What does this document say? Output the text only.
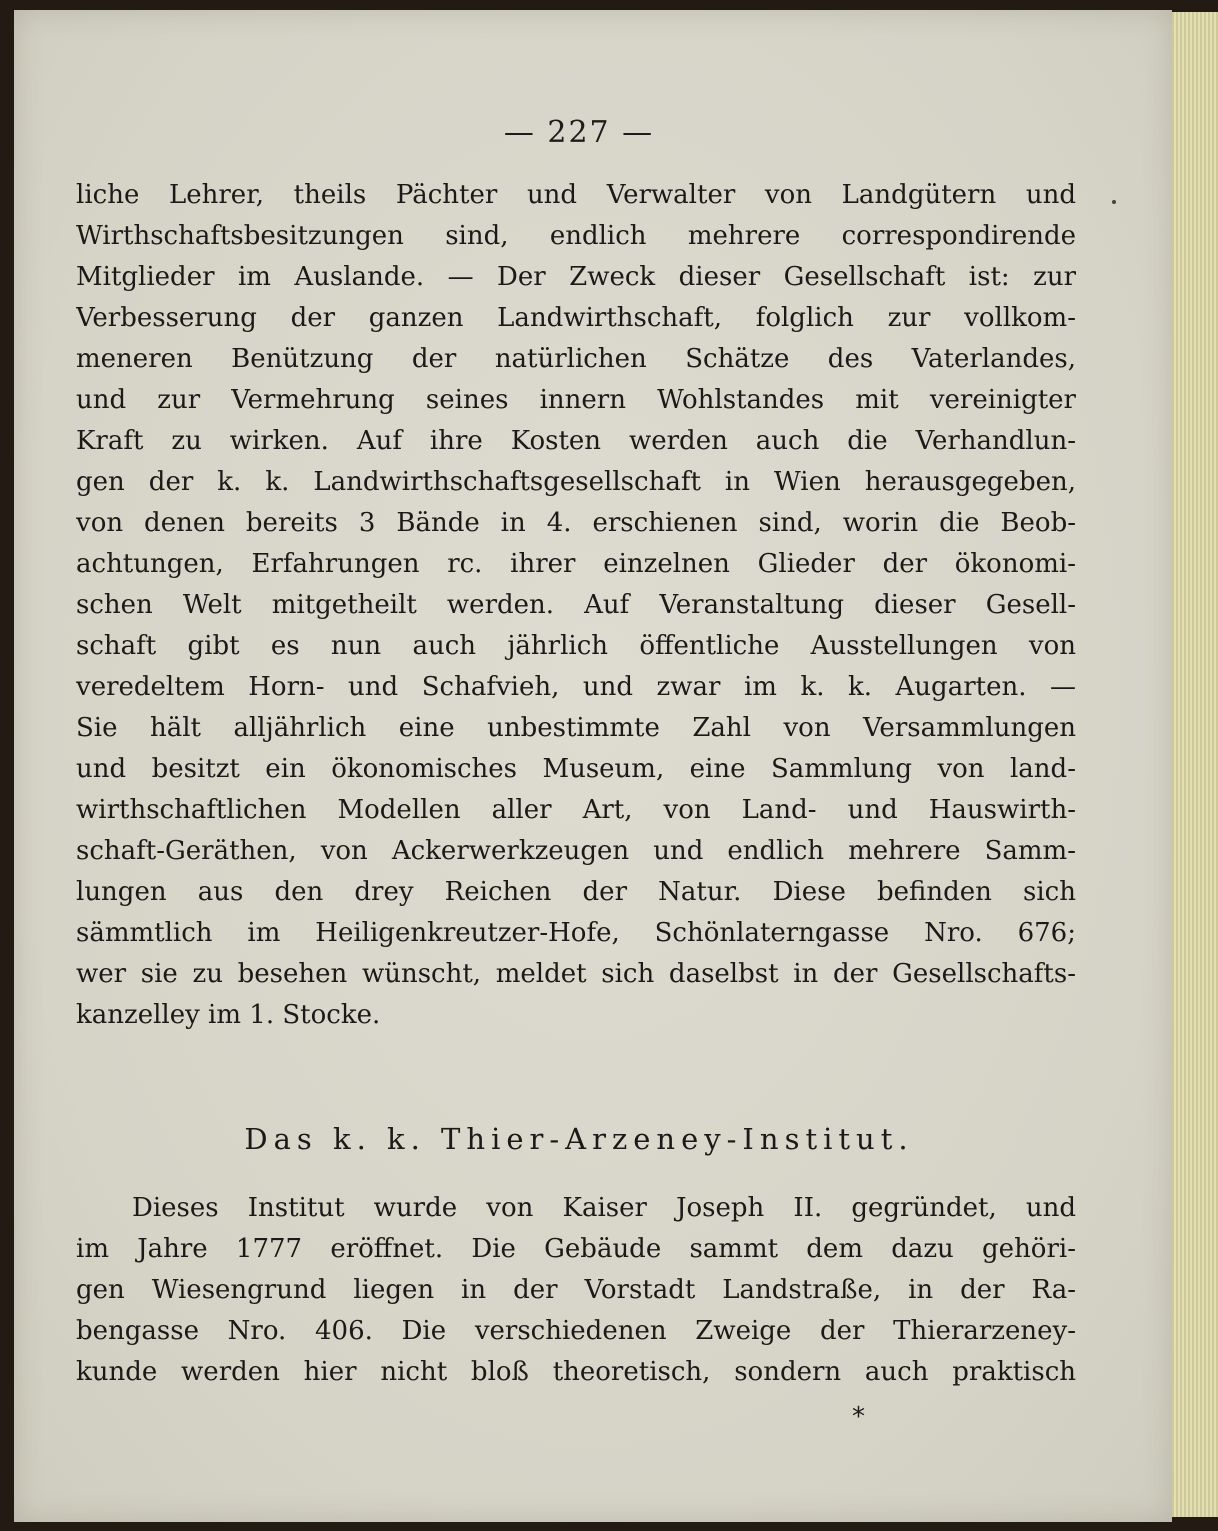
— 227 —
liche Lehrer, theils Pächter und Verwalter von Landgütern und
Wirthschaftsbesitzungen sind, endlich mehrere correspondirende
Mitglieder im Auslande. — Der Zweck dieser Gesellschaft ist: zur
Verbesserung der ganzen Landwirthschaft, folglich zur vollkom-
meneren Benützung der natürlichen Schätze des Vaterlandes,
und zur Vermehrung seines innern Wohlstandes mit vereinigter
Kraft zu wirken. Auf ihre Kosten werden auch die Verhandlun-
gen der k. k. Landwirthschaftsgesellschaft in Wien herausgegeben,
von denen bereits 3 Bände in 4. erschienen sind, worin die Beob-
achtungen, Erfahrungen rc. ihrer einzelnen Glieder der ökonomi-
schen Welt mitgetheilt werden. Auf Veranstaltung dieser Gesell-
schaft gibt es nun auch jährlich öffentliche Ausstellungen von
veredeltem Horn- und Schafvieh, und zwar im k. k. Augarten. —
Sie hält alljährlich eine unbestimmte Zahl von Versammlungen
und besitzt ein ökonomisches Museum, eine Sammlung von land-
wirthschaftlichen Modellen aller Art, von Land- und Hauswirth-
schaft-Geräthen, von Ackerwerkzeugen und endlich mehrere Samm-
lungen aus den drey Reichen der Natur. Diese befinden sich
sämmtlich im Heiligenkreutzer-Hofe, Schönlaterngasse Nro. 676;
wer sie zu besehen wünscht, meldet sich daselbst in der Gesellschafts-
kanzelley im 1. Stocke.
Das k. k. Thier-Arzeney-Institut.
Dieses Institut wurde von Kaiser Joseph II. gegründet, und
im Jahre 1777 eröffnet. Die Gebäude sammt dem dazu gehöri-
gen Wiesengrund liegen in der Vorstadt Landstraße, in der Ra-
bengasse Nro. 406. Die verschiedenen Zweige der Thierarzeney-
kunde werden hier nicht bloß theoretisch, sondern auch praktisch
*
